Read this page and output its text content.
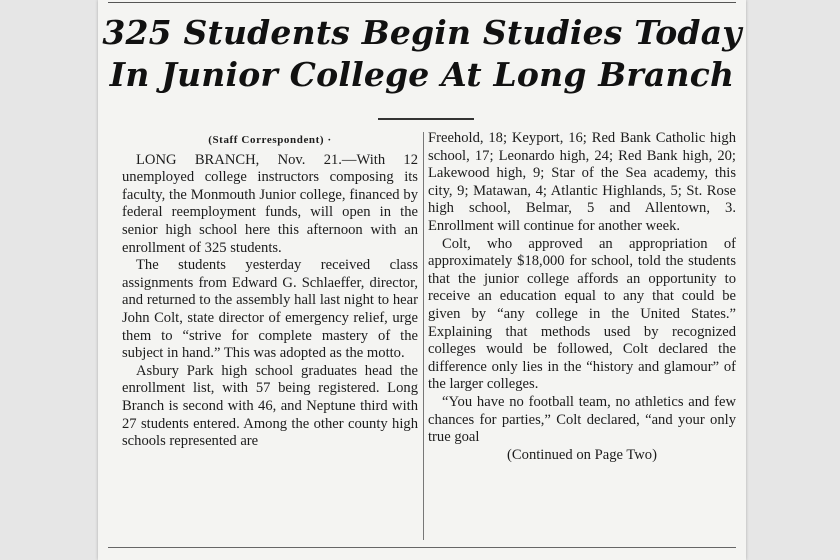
325 Students Begin Studies Today
In Junior College At Long Branch

(Staff Correspondent) ·

LONG BRANCH, Nov. 21.—With 12 unemployed college instructors composing its faculty, the Monmouth Junior college, financed by federal reemployment funds, will open in the senior high school here this afternoon with an enrollment of 325 students.

The students yesterday received class assignments from Edward G. Schlaeffer, director, and returned to the assembly hall last night to hear John Colt, state director of emergency relief, urge them to “strive for complete mastery of the subject in hand.” This was adopted as the motto.

Asbury Park high school graduates head the enrollment list, with 57 being registered. Long Branch is second with 46, and Neptune third with 27 students entered. Among the other county high schools represented are

Freehold, 18; Keyport, 16; Red Bank Catholic high school, 17; Leonardo high, 24; Red Bank high, 20; Lakewood high, 9; Star of the Sea academy, this city, 9; Matawan, 4; Atlantic Highlands, 5; St. Rose high school, Belmar, 5 and Allentown, 3. Enrollment will continue for another week.

Colt, who approved an appropriation of approximately $18,000 for school, told the students that the junior college affords an opportunity to receive an education equal to any that could be given by “any college in the United States.” Explaining that methods used by recognized colleges would be followed, Colt declared the difference only lies in the “history and glamour” of the larger colleges.

“You have no football team, no athletics and few chances for parties,” Colt declared, “and your only true goal

(Continued on Page Two)
